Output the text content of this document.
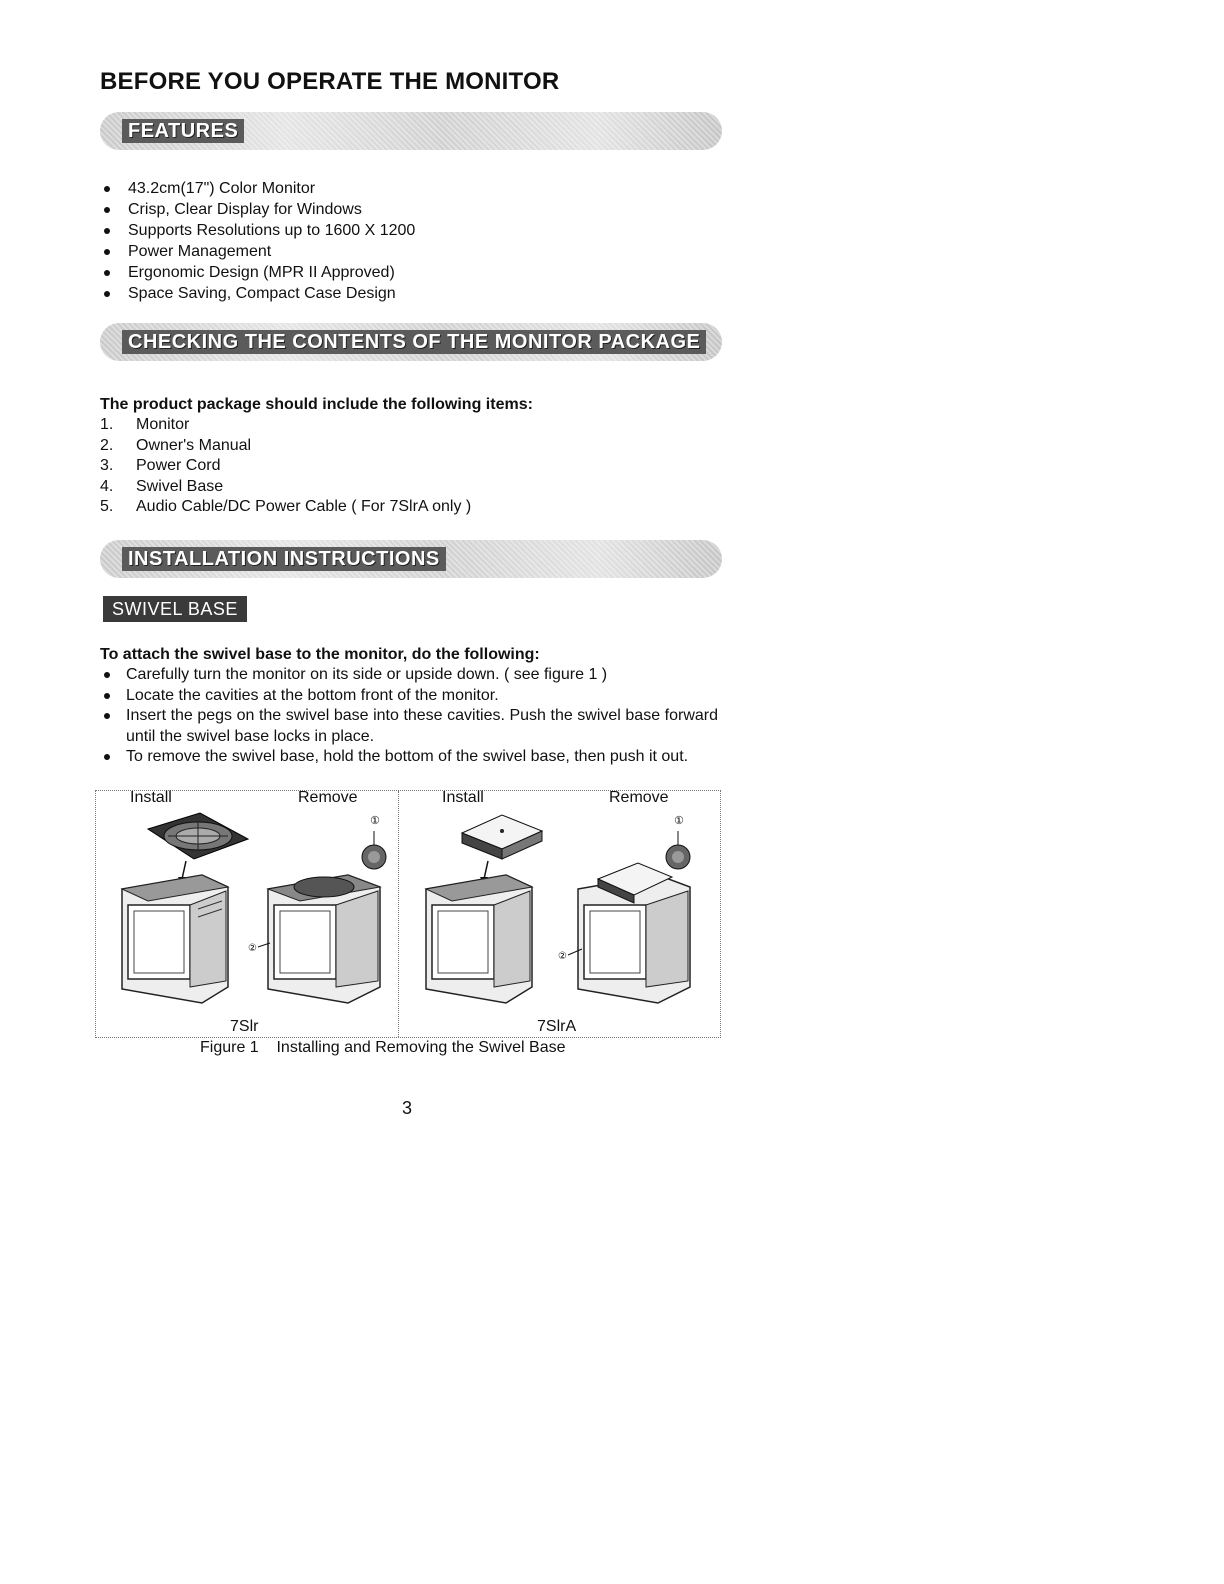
BEFORE YOU OPERATE THE MONITOR
FEATURES
43.2cm(17") Color Monitor
Crisp, Clear Display for Windows
Supports Resolutions up to 1600 X 1200
Power Management
Ergonomic Design (MPR II Approved)
Space Saving, Compact Case Design
CHECKING THE CONTENTS OF THE MONITOR PACKAGE
The product package should include the following items:
1.	Monitor
2.	Owner's Manual
3.	Power Cord
4.	Swivel Base
5.	Audio Cable/DC Power Cable ( For 7SlrA only )
INSTALLATION INSTRUCTIONS
SWIVEL BASE
To attach the swivel base to the monitor, do the following:
Carefully turn the monitor on its side or upside down. ( see figure 1 )
Locate the cavities at the bottom front of the monitor.
Insert the pegs on the swivel base into these cavities. Push the swivel base forward until the swivel base locks in place.
To remove the swivel base, hold the bottom of the swivel base, then push it out.
Install	Remove	Install	Remove
①
②
①
②
7Slr	7SlrA
Figure 1    Installing and Removing the Swivel Base
3
